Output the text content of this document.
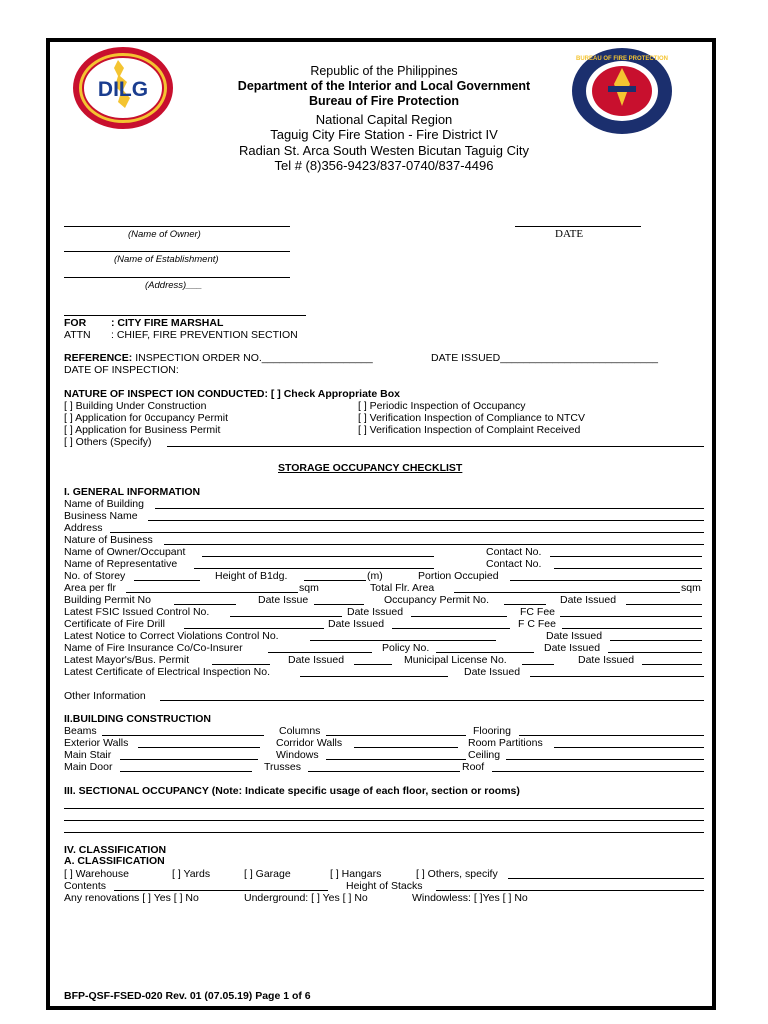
DILG
BUREAU OF FIRE PROTECTION
Republic of the Philippines
Department of the Interior and Local Government
Bureau of Fire Protection
National Capital Region
Taguig City Fire Station - Fire District IV
Radian St. Arca South Westen Bicutan Taguig City
Tel # (8)356-9423/837-0740/837-4496
(Name of Owner)
(Name of Establishment)
(Address)___
DATE
FOR : CITY FIRE MARSHAL
ATTN : CHIEF, FIRE PREVENTION SECTION
REFERENCE: INSPECTION ORDER NO.___________________	DATE ISSUED___________________________
DATE OF INSPECTION:
NATURE OF INSPECT ION CONDUCTED: [ ] Check Appropriate Box
[ ] Building Under Construction
[ ] Application for 0ccupancy Permit
[ ] Application for Business Permit
[ ] Periodic Inspection of Occupancy
[ ] Verification Inspection of Compliance to NTCV
[ ] Verification Inspection of Complaint Received
[ ] Others (Specify)
STORAGE OCCUPANCY CHECKLIST
I. GENERAL INFORMATION
Name of Building
Business Name
Address
Nature of Business
Name of Owner/Occupant	Contact No.
Name of Representative	Contact No.
No. of Storey	Height of B1dg.	(m)	Portion Occupied
Area per flr	sqm	Total Flr. Area	sqm
Building Permit No	Date Issue	Occupancy Permit No.	Date Issued
Latest FSIC Issued Control No.	Date Issued	FC Fee
Certificate of Fire Drill	Date Issued	F C Fee
Latest Notice to Correct Violations Control No.	Date Issued
Name of Fire Insurance Co/Co-Insurer	Policy No.	Date Issued
Latest Mayor's/Bus. Permit	Date Issued	Municipal License No.	Date Issued
Latest Certificate of Electrical Inspection No.	Date Issued
Other Information
II.BUILDING CONSTRUCTION
Beams	Columns	Flooring
Exterior Walls	Corridor Walls	Room Partitions
Main Stair	Windows	Ceiling
Main Door	Trusses	Roof
III. SECTIONAL OCCUPANCY (Note: Indicate specific usage of each floor, section or rooms)
IV. CLASSIFICATION
A. CLASSIFICATION
[ ] Warehouse	[ ] Yards	[ ] Garage	[ ] Hangars	[ ] Others, specify
Contents	Height of Stacks
Any renovations [ ] Yes [ ] No	Underground: [ ] Yes [ ] No	Windowless: [ ]Yes [ ] No
BFP-QSF-FSED-020 Rev. 01 (07.05.19) Page 1 of 6
